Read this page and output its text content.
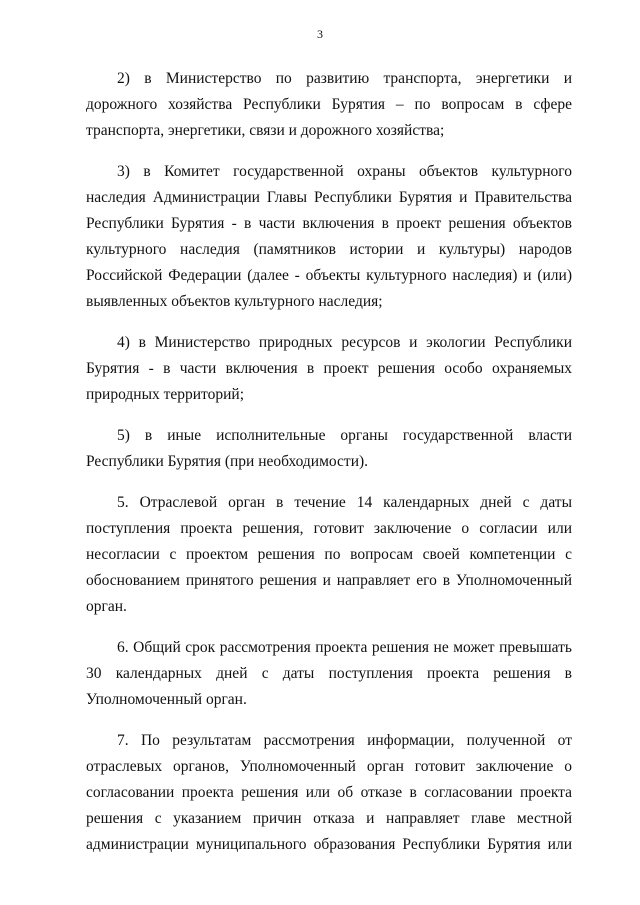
3

2) в Министерство по развитию транспорта, энергетики и дорожного хозяйства Республики Бурятия – по вопросам в сфере транспорта, энергетики, связи и дорожного хозяйства;

3) в Комитет государственной охраны объектов культурного наследия Администрации Главы Республики Бурятия и Правительства Республики Бурятия - в части включения в проект решения объектов культурного наследия (памятников истории и культуры) народов Российской Федерации (далее - объекты культурного наследия) и (или) выявленных объектов культурного наследия;

4) в Министерство природных ресурсов и экологии Республики Бурятия - в части включения в проект решения особо охраняемых природных территорий;

5) в иные исполнительные органы государственной власти Республики Бурятия (при необходимости).

5. Отраслевой орган в течение 14 календарных дней с даты поступления проекта решения, готовит заключение о согласии или несогласии с проектом решения по вопросам своей компетенции с обоснованием принятого решения и направляет его в Уполномоченный орган.

6. Общий срок рассмотрения проекта решения не может превышать 30 календарных дней с даты поступления проекта решения в Уполномоченный орган.

7. По результатам рассмотрения информации, полученной от отраслевых органов, Уполномоченный орган готовит заключение о согласовании проекта решения или об отказе в согласовании проекта решения с указанием причин отказа и направляет главе местной администрации муниципального образования Республики Бурятия или
